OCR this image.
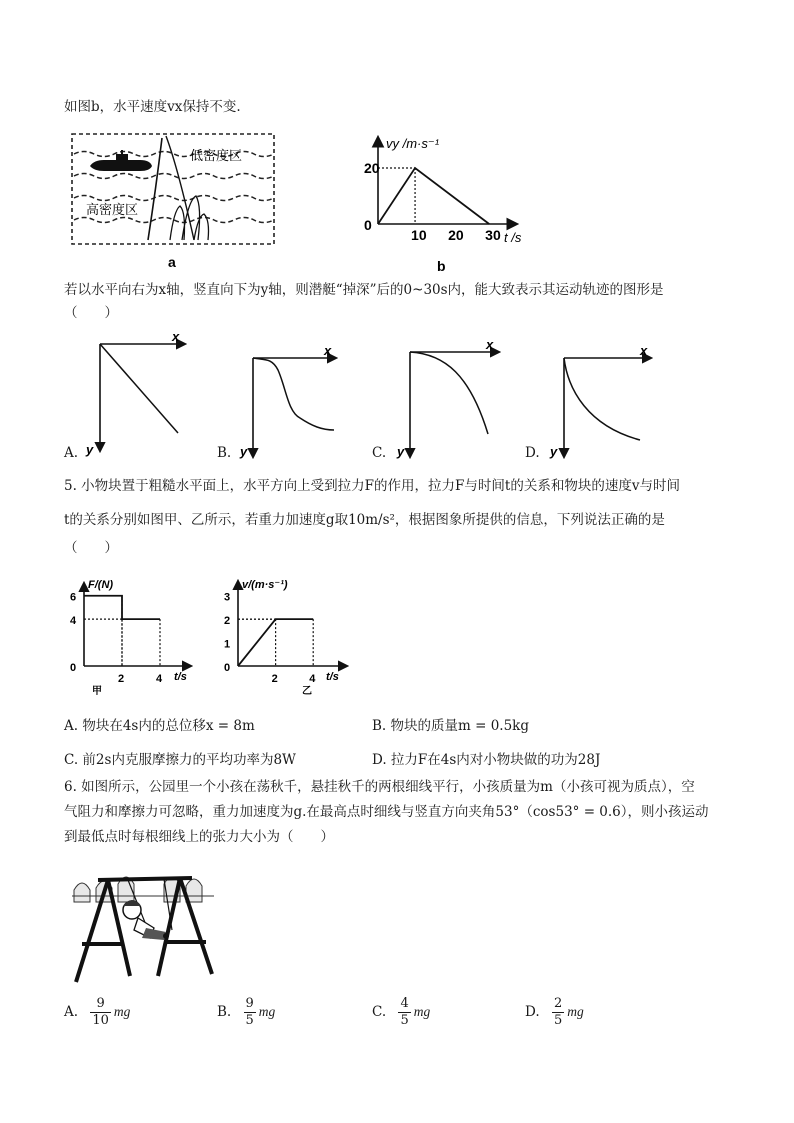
如图b，水平速度vx保持不变.
低密度区
高密度区
a
vy /m·s⁻¹
t /s
0
10 20 30
20
b
若以水平向右为x轴，竖直向下为y轴，则潜艇“掉深”后的0~30s内，能大致表示其运动轨迹的图形是
（　　）
x
y
x
y
x
y
x
y
A.	B.	C.	D.
5. 小物块置于粗糙水平面上，水平方向上受到拉力F的作用，拉力F与时间t的关系和物块的速度v与时间
t的关系分别如图甲、乙所示，若重力加速度g取10m/s²，根据图象所提供的信息，下列说法正确的是
（　　）
F/(N)
t/s
2	4
0
4
6
甲
v/(m·s⁻¹)
t/s
2	4
0
1
2
3
乙
A. 物块在4s内的总位移x = 8m	B. 物块的质量m = 0.5kg
C. 前2s内克服摩擦力的平均功率为8W	D. 拉力F在4s内对小物块做的功为28J
6. 如图所示，公园里一个小孩在荡秋千，悬挂秋千的两根细线平行，小孩质量为m（小孩可视为质点），空
气阻力和摩擦力可忽略，重力加速度为g.在最高点时细线与竖直方向夹角53°（cos53° = 0.6），则小孩运动
到最低点时每根细线上的张力大小为（　　）
A. $\frac{9}{10}$ mg	B. $\frac{9}{5}$ mg	C. $\frac{4}{5}$ mg	D. $\frac{2}{5}$ mg
